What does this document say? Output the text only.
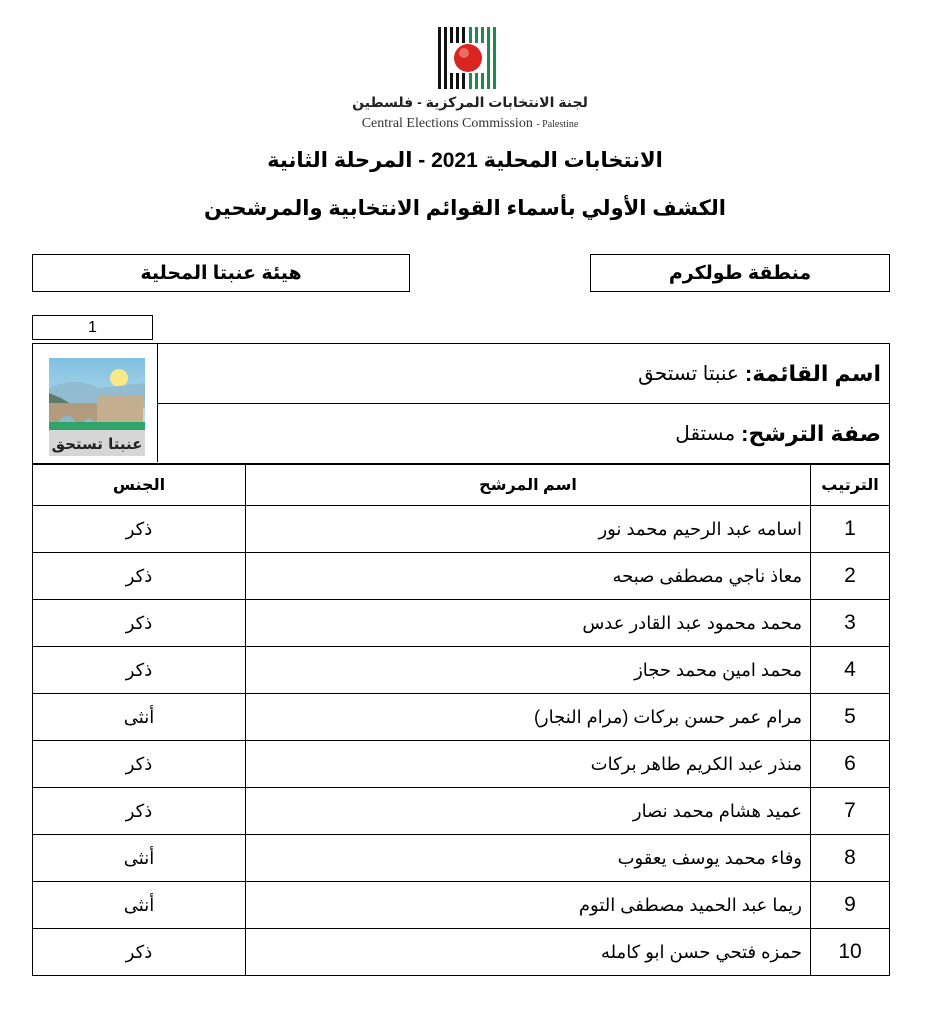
لجنة الانتخابات المركزية - فلسطين
Central Elections Commission - Palestine
الانتخابات المحلية 2021 - المرحلة الثانية
الكشف الأولي بأسماء القوائم الانتخابية والمرشحين
هيئة عنبتا المحلية	منطقة طولكرم
1
عنبتا تستحق
اسم القائمة:
عنبتا تستحق
صفة الترشح:
مستقل
الترتيب	اسم المرشح	الجنس
1	اسامه عبد الرحيم محمد نور	ذكر
2	معاذ ناجي مصطفى صبحه	ذكر
3	محمد محمود عبد القادر عدس	ذكر
4	محمد امين محمد حجاز	ذكر
5	مرام عمر حسن بركات (مرام النجار)	أنثى
6	منذر عبد الكريم طاهر بركات	ذكر
7	عميد هشام محمد نصار	ذكر
8	وفاء محمد يوسف يعقوب	أنثى
9	ريما عبد الحميد مصطفى التوم	أنثى
10	حمزه فتحي حسن ابو كامله	ذكر
